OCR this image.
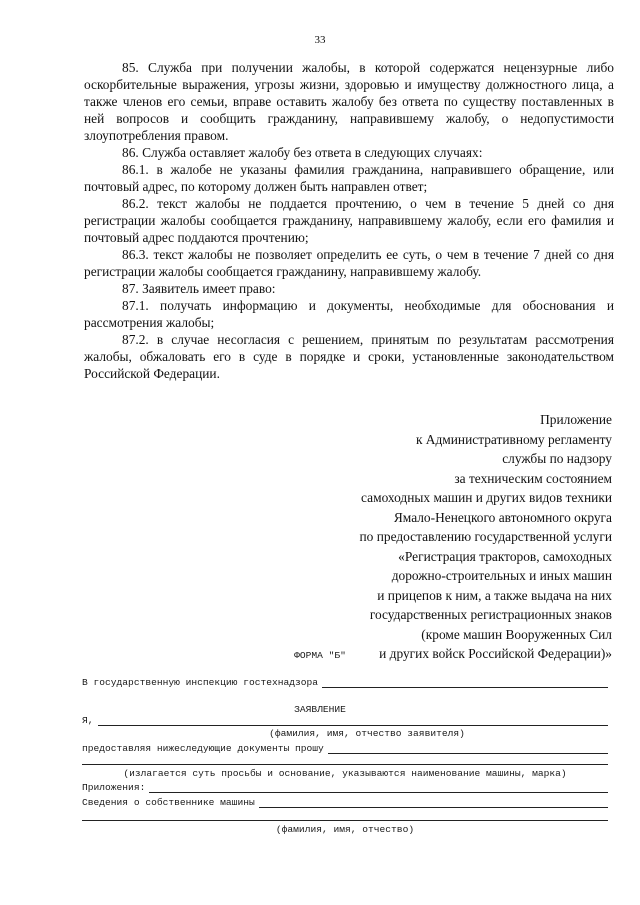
33

85. Служба при получении жалобы, в которой содержатся нецензурные либо оскорбительные выражения, угрозы жизни, здоровью и имуществу должностного лица, а также членов его семьи, вправе оставить жалобу без ответа по существу поставленных в ней вопросов и сообщить гражданину, направившему жалобу, о недопустимости злоупотребления правом.

86. Служба оставляет жалобу без ответа в следующих случаях:

86.1. в жалобе не указаны фамилия гражданина, направившего обращение, или почтовый адрес, по которому должен быть направлен ответ;

86.2. текст жалобы не поддается прочтению, о чем в течение 5 дней со дня регистрации жалобы сообщается гражданину, направившему жалобу, если его фамилия и почтовый адрес поддаются прочтению;

86.3. текст жалобы не позволяет определить ее суть, о чем в течение 7 дней со дня регистрации жалобы сообщается гражданину, направившему жалобу.

87. Заявитель имеет право:

87.1. получать информацию и документы, необходимые для обоснования и рассмотрения жалобы;

87.2. в случае несогласия с решением, принятым по результатам рассмотрения жалобы, обжаловать его в суде в порядке и сроки, установленные законодательством Российской Федерации.

Приложение
к Административному регламенту
службы по надзору
за техническим состоянием
самоходных машин и других видов техники
Ямало-Ненецкого автономного округа
по предоставлению государственной услуги
«Регистрация тракторов, самоходных
дорожно-строительных и иных машин
и прицепов к ним, а также выдача на них
государственных регистрационных знаков
(кроме машин Вооруженных Сил
и других войск Российской Федерации)»
ФОРМА "Б"
В государственную инспекцию гостехнадзора
ЗАЯВЛЕНИЕ
Я,
(фамилия, имя, отчество заявителя)
предоставляя нижеследующие документы прошу
(излагается суть просьбы и основание, указываются наименование машины, марка)
Приложения:
Сведения о собственнике машины
(фамилия, имя, отчество)
